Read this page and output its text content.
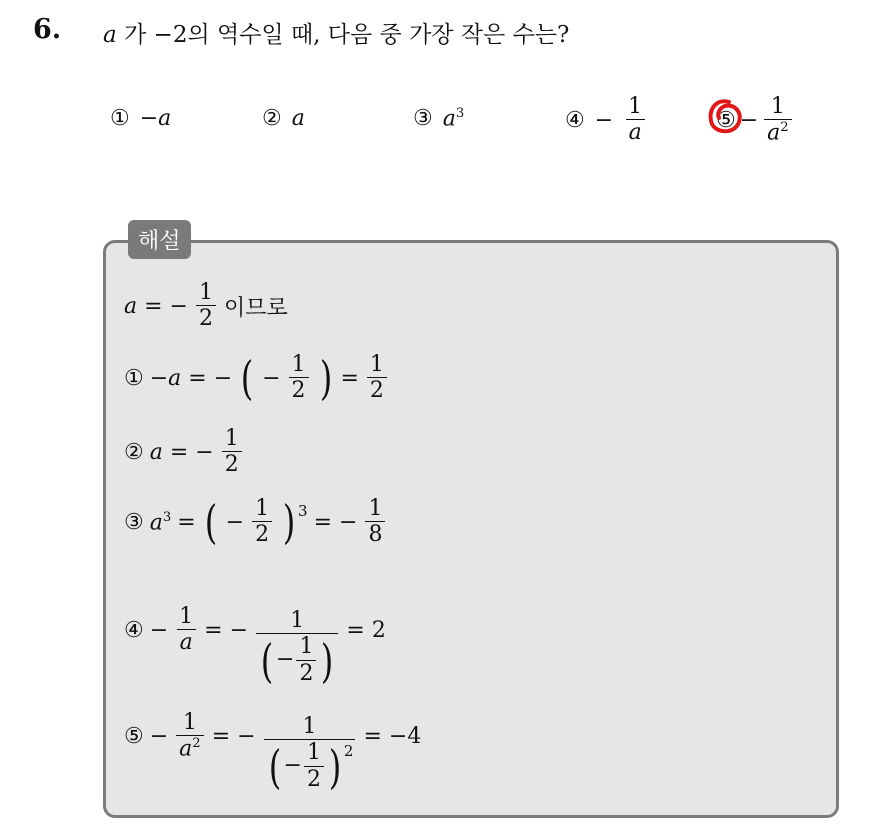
6. a 가 −2의 역수일 때, 다음 중 가장 작은 수는?
① −a	② a	③ $a^3$	④ − $\frac{1}{a}$	⑤ − $\frac{1}{a^2}$
해설
a = − $\frac{1}{2}$ 이므로
① −a = − ( − $\frac{1}{2}$ ) = $\frac{1}{2}$
② a = − $\frac{1}{2}$
③ $a^3$ = ( − $\frac{1}{2} )^3$ = − $\frac{1}{8}$
④ − $\frac{1}{a}$ = − $\frac{1}{( - \frac{1}{2} )} = 2$
⑤ − $\frac{1}{a^2}$ = − $\frac{1}{( - \frac{1}{2} )^2} = -4$
